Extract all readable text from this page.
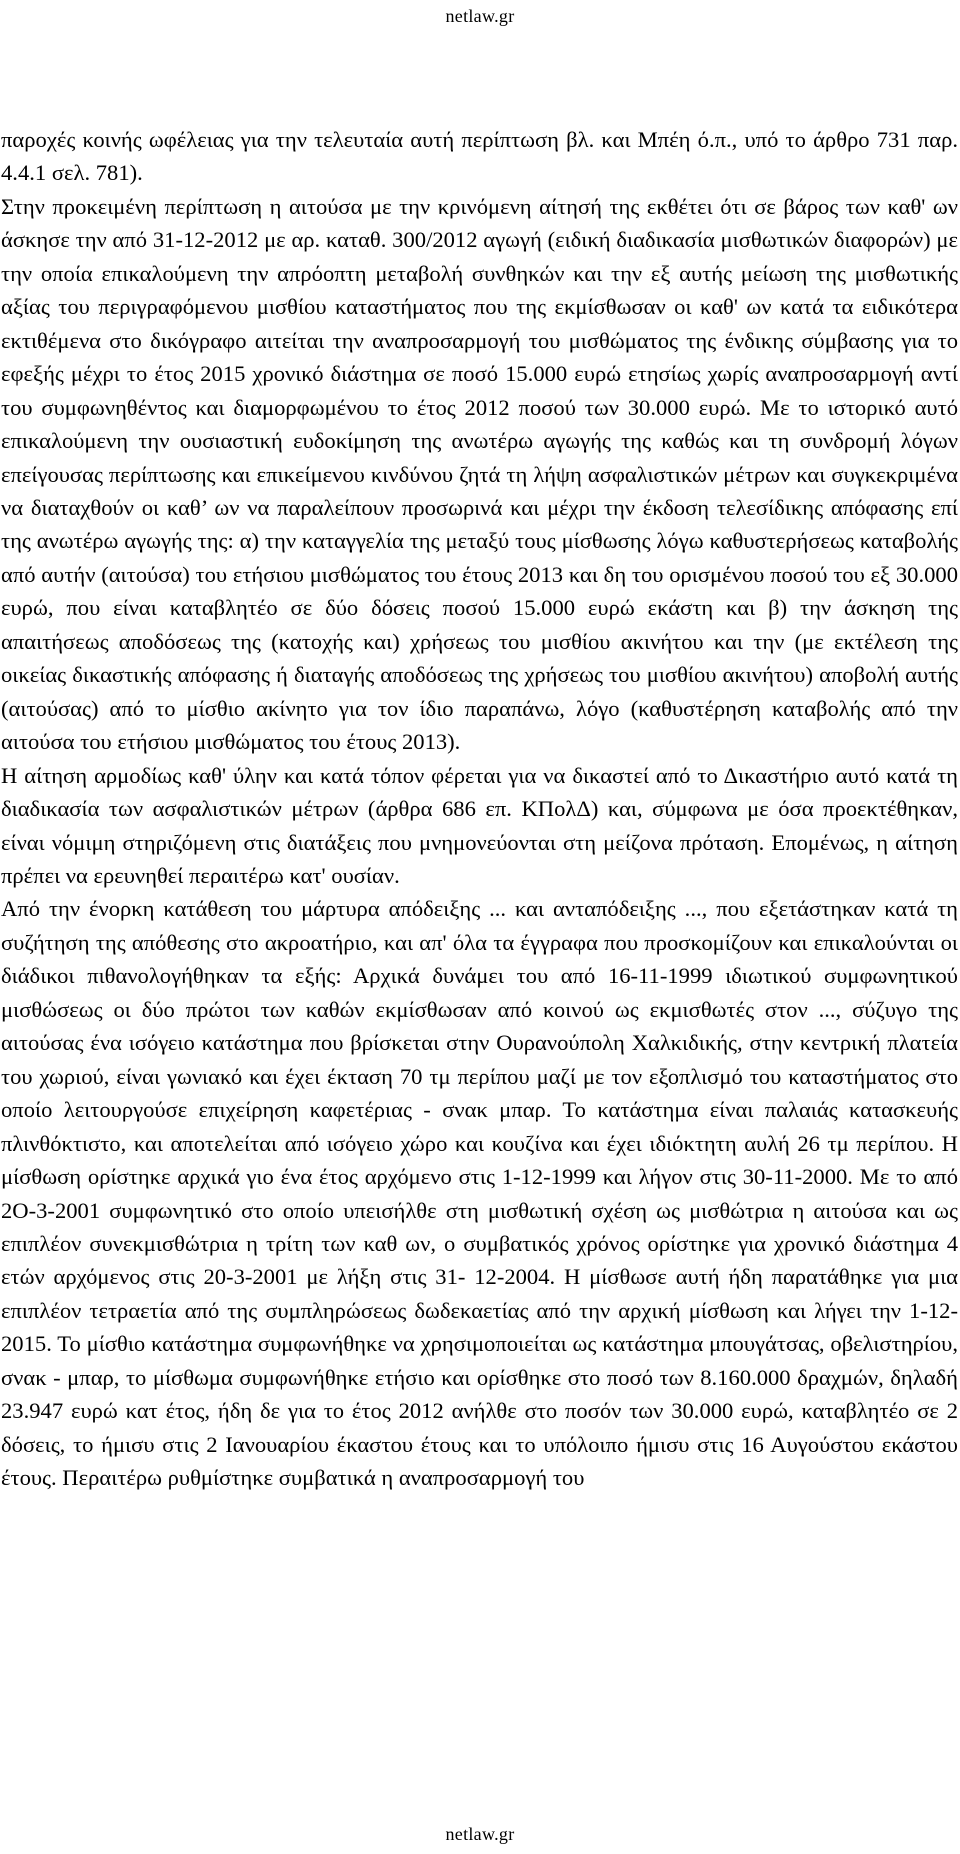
netlaw.gr

παροχές κοινής ωφέλειας για την τελευταία αυτή περίπτωση βλ. και Μπέη ό.π., υπό το άρθρο 731 παρ. 4.4.1 σελ. 781).

Στην προκειμένη περίπτωση η αιτούσα με την κρινόμενη αίτησή της εκθέτει ότι σε βάρος των καθ' ων άσκησε την από 31-12-2012 με αρ. καταθ. 300/2012 αγωγή (ειδική διαδικασία μισθωτικών διαφορών) με την οποία επικαλούμενη την απρόοπτη μεταβολή συνθηκών και την εξ αυτής μείωση της μισθωτικής αξίας του περιγραφόμενου μισθίου καταστήματος που της εκμίσθωσαν οι καθ' ων κατά τα ειδικότερα εκτιθέμενα στο δικόγραφο αιτείται την αναπροσαρμογή του μισθώματος της ένδικης σύμβασης για το εφεξής μέχρι το έτος 2015 χρονικό διάστημα σε ποσό 15.000 ευρώ ετησίως χωρίς αναπροσαρμογή αντί του συμφωνηθέντος και διαμορφωμένου το έτος 2012 ποσού των 30.000 ευρώ. Με το ιστορικό αυτό επικαλούμενη την ουσιαστική ευδοκίμηση της ανωτέρω αγωγής της καθώς και τη συνδρομή λόγων επείγουσας περίπτωσης και επικείμενου κινδύνου ζητά τη λήψη ασφαλιστικών μέτρων και συγκεκριμένα να διαταχθούν οι καθ’ ων να παραλείπουν προσωρινά και μέχρι την έκδοση τελεσίδικης απόφασης επί της ανωτέρω αγωγής της: α) την καταγγελία της μεταξύ τους μίσθωσης λόγω καθυστερήσεως καταβολής από αυτήν (αιτούσα) του ετήσιου μισθώματος του έτους 2013 και δη του ορισμένου ποσού του εξ 30.000 ευρώ, που είναι καταβλητέο σε δύο δόσεις ποσού 15.000 ευρώ εκάστη και β) την άσκηση της απαιτήσεως αποδόσεως της (κατοχής και) χρήσεως του μισθίου ακινήτου και την (με εκτέλεση της οικείας δικαστικής απόφασης ή διαταγής αποδόσεως της χρήσεως του μισθίου ακινήτου) αποβολή αυτής (αιτούσας) από το μίσθιο ακίνητο για τον ίδιο παραπάνω, λόγο (καθυστέρηση καταβολής από την αιτούσα του ετήσιου μισθώματος του έτους 2013).

Η αίτηση αρμοδίως καθ' ύλην και κατά τόπον φέρεται για να δικαστεί από το Δικαστήριο αυτό κατά τη διαδικασία των ασφαλιστικών μέτρων (άρθρα 686 επ. ΚΠολΔ) και, σύμφωνα με όσα προεκτέθηκαν, είναι νόμιμη στηριζόμενη στις διατάξεις που μνημονεύονται στη μείζονα πρόταση. Επομένως, η αίτηση πρέπει να ερευνηθεί περαιτέρω κατ' ουσίαν.

Από την ένορκη κατάθεση του μάρτυρα απόδειξης ... και ανταπόδειξης ..., που εξετάστηκαν κατά τη συζήτηση της απόθεσης στο ακροατήριο, και απ' όλα τα έγγραφα που προσκομίζουν και επικαλούνται οι διάδικοι πιθανολογήθηκαν τα εξής: Αρχικά δυνάμει του από 16-11-1999 ιδιωτικού συμφωνητικού μισθώσεως οι δύο πρώτοι των καθών εκμίσθωσαν από κοινού ως εκμισθωτές στον ..., σύζυγο της αιτούσας ένα ισόγειο κατάστημα που βρίσκεται στην Ουρανούπολη Χαλκιδικής, στην κεντρική πλατεία του χωριού, είναι γωνιακό και έχει έκταση 70 τμ περίπου μαζί με τον εξοπλισμό του καταστήματος στο οποίο λειτουργούσε επιχείρηση καφετέριας - σνακ μπαρ. Το κατάστημα είναι παλαιάς κατασκευής πλινθόκτιστο, και αποτελείται από ισόγειο χώρο και κουζίνα και έχει ιδιόκτητη αυλή 26 τμ περίπου. Η μίσθωση ορίστηκε αρχικά γιο ένα έτος αρχόμενο στις 1-12-1999 και λήγον στις 30-11-2000. Με το από 2Ο-3-2001 συμφωνητικό στο οποίο υπεισήλθε στη μισθωτική σχέση ως μισθώτρια η αιτούσα και ως επιπλέον συνεκμισθώτρια η τρίτη των καθ ων, ο συμβατικός χρόνος ορίστηκε για χρονικό διάστημα 4 ετών αρχόμενος στις 20-3-2001 με λήξη στις 31- 12-2004. Η μίσθωσε αυτή ήδη παρατάθηκε για μια επιπλέον τετραετία από της συμπληρώσεως δωδεκαετίας από την αρχική μίσθωση και λήγει την 1-12-2015. Το μίσθιο κατάστημα συμφωνήθηκε να χρησιμοποιείται ως κατάστημα μπουγάτσας, οβελιστηρίου, σνακ - μπαρ, το μίσθωμα συμφωνήθηκε ετήσιο και ορίσθηκε στο ποσό των 8.160.000 δραχμών, δηλαδή 23.947 ευρώ κατ έτος, ήδη δε για το έτος 2012 ανήλθε στο ποσόν των 30.000 ευρώ, καταβλητέο σε 2 δόσεις, το ήμισυ στις 2 Ιανουαρίου έκαστου έτους και το υπόλοιπο ήμισυ στις 16 Αυγούστου εκάστου έτους. Περαιτέρω ρυθμίστηκε συμβατικά η αναπροσαρμογή του

netlaw.gr
